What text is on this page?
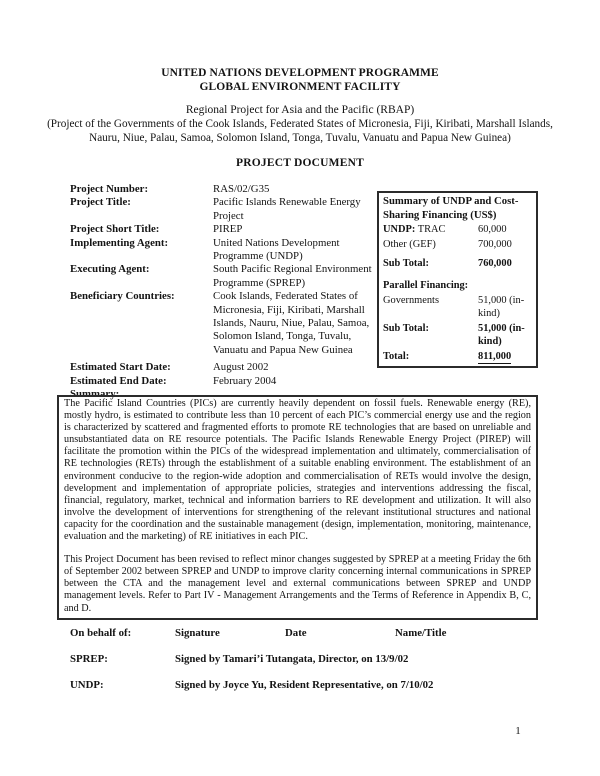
UNITED NATIONS DEVELOPMENT PROGRAMME
GLOBAL ENVIRONMENT FACILITY
Regional Project for Asia and the Pacific (RBAP)
(Project of the Governments of the Cook Islands, Federated States of Micronesia, Fiji, Kiribati, Marshall Islands, Nauru, Niue, Palau, Samoa, Solomon Island, Tonga, Tuvalu, Vanuatu and Papua New Guinea)
PROJECT DOCUMENT
Project Number:	RAS/02/G35
Project Title:	Pacific Islands Renewable Energy Project
Project Short Title:	PIREP
Implementing Agent:	United Nations Development Programme (UNDP)
Executing Agent:	South Pacific Regional Environment Programme (SPREP)
Beneficiary Countries:	Cook Islands, Federated States of Micronesia, Fiji, Kiribati, Marshall Islands, Nauru, Niue, Palau, Samoa, Solomon Island, Tonga, Tuvalu, Vanuatu and Papua New Guinea
Estimated Start Date:	August 2002
Estimated End Date:	February 2004
Summary:
Summary of UNDP and Cost-Sharing Financing (US$)
UNDP: TRAC	60,000
Other (GEF)	700,000
Sub Total:	760,000
Parallel Financing:
Governments	51,000 (in-kind)
Sub Total:	51,000 (in-kind)
Total:	811,000

The Pacific Island Countries (PICs) are currently heavily dependent on fossil fuels. Renewable energy (RE), mostly hydro, is estimated to contribute less than 10 percent of each PIC’s commercial energy use and the region is characterized by scattered and fragmented efforts to promote RE technologies that are based on unreliable and unsubstantiated data on RE resource potentials. The Pacific Islands Renewable Energy Project (PIREP) will facilitate the promotion within the PICs of the widespread implementation and ultimately, commercialisation of RE technologies (RETs) through the establishment of a suitable enabling environment. The establishment of an environment conducive to the region-wide adoption and commercialisation of RETs would involve the design, development and implementation of appropriate policies, strategies and interventions addressing the fiscal, financial, regulatory, market, technical and information barriers to RE development and utilization. It will also involve the development of interventions for strengthening of the relevant institutional structures and national capacity for the coordination and the sustainable management (design, implementation, monitoring, maintenance, evaluation and the marketing) of RE initiatives in each PIC.

This Project Document has been revised to reflect minor changes suggested by SPREP at a meeting Friday the 6th of September 2002 between SPREP and UNDP to improve clarity concerning internal communications in SPREP between the CTA and the management level and external communications between SPREP and UNDP management levels. Refer to Part IV - Management Arrangements and the Terms of Reference in Appendix B, C, and D.

On behalf of:	Signature	Date	Name/Title
SPREP:	Signed by Tamari’i Tutangata, Director, on 13/9/02
UNDP:	Signed by Joyce Yu, Resident Representative, on 7/10/02
1
